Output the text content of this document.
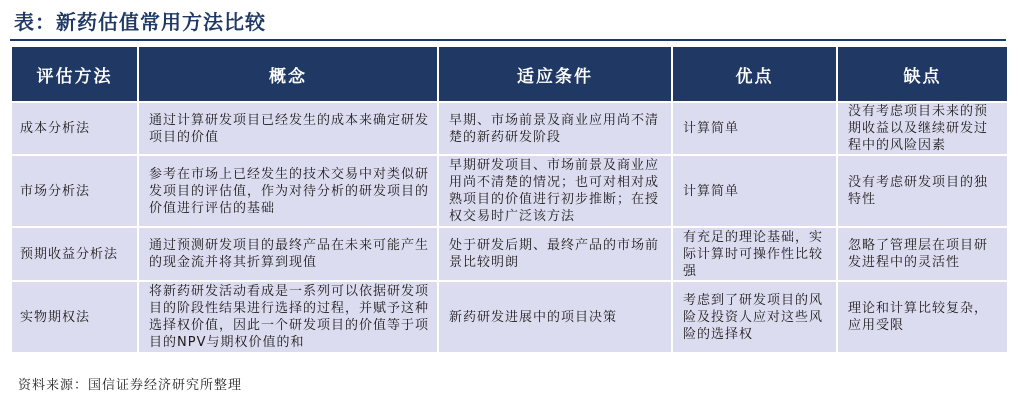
表：新药估值常用方法比较
评估方法	概念	适应条件	优点	缺点
成本分析法	通过计算研发项目已经发生的成本来确定研发项目的价值	早期、市场前景及商业应用尚不清楚的新药研发阶段	计算简单	没有考虑项目未来的预期收益以及继续研发过程中的风险因素
市场分析法	参考在市场上已经发生的技术交易中对类似研发项目的评估值，作为对待分析的研发项目的价值进行评估的基础	早期研发项目、市场前景及商业应用尚不清楚的情况；也可对相对成熟项目的价值进行初步推断；在授权交易时广泛该方法	计算简单	没有考虑研发项目的独特性
预期收益分析法	通过预测研发项目的最终产品在未来可能产生的现金流并将其折算到现值	处于研发后期、最终产品的市场前景比较明朗	有充足的理论基础，实际计算时可操作性比较强	忽略了管理层在项目研发进程中的灵活性
实物期权法	将新药研发活动看成是一系列可以依据研发项目的阶段性结果进行选择的过程，并赋予这种选择权价值，因此一个研发项目的价值等于项目的NPV与期权价值的和	新药研发进展中的项目决策	考虑到了研发项目的风险及投资人应对这些风险的选择权	理论和计算比较复杂，应用受限
资料来源：国信证券经济研究所整理
